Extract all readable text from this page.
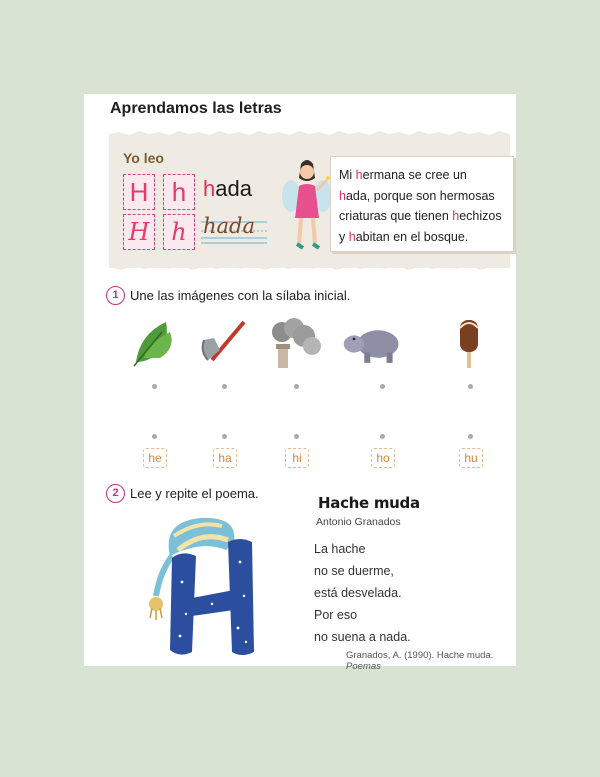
Aprendamos las letras
Yo leo
H h
H h
hada
hada
Mi hermana se cree un
hada, porque son hermosas
criaturas que tienen hechizos
y habitan en el bosque.
1 Une las imágenes con la sílaba inicial.
he	ha	hi	ho	hu
2 Lee y repite el poema.
Hache muda
Antonio Granados
La hache
no se duerme,
está desvelada.
Por eso
no suena a nada.
Granados, A. (1990). Hache muda. Poemas
